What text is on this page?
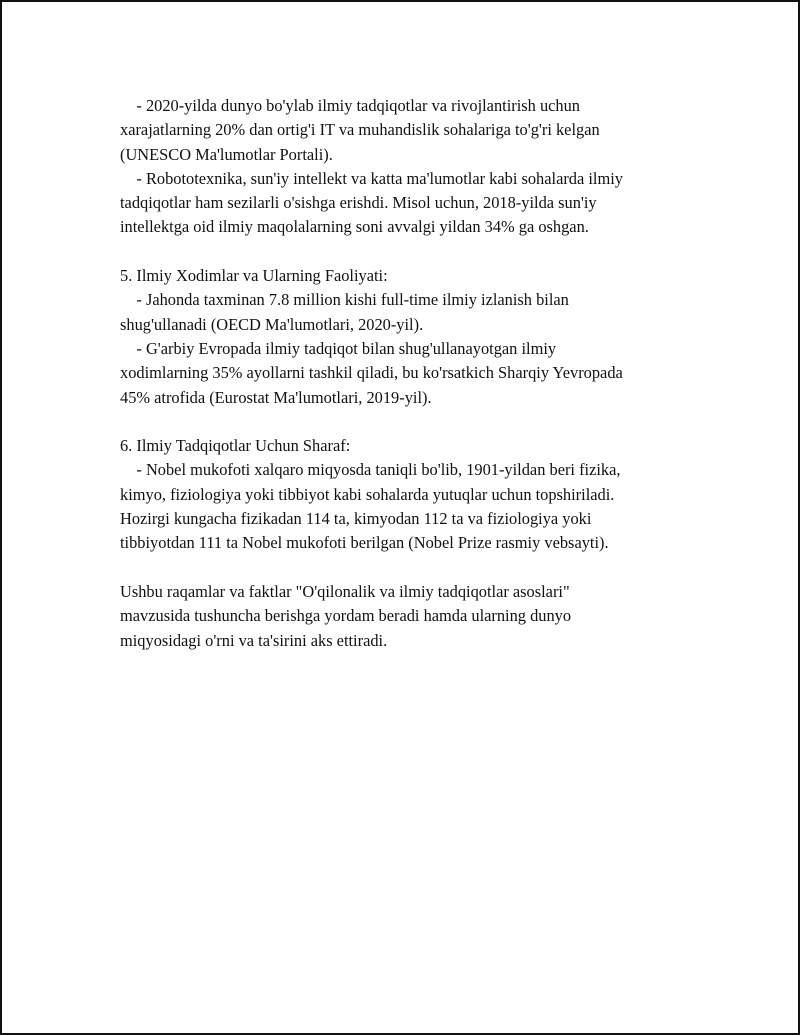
- 2020-yilda dunyo bo'ylab ilmiy tadqiqotlar va rivojlantirish uchun
xarajatlarning 20% dan ortig'i IT va muhandislik sohalariga to'g'ri kelgan
(UNESCO Ma'lumotlar Portali).
- Robototexnika, sun'iy intellekt va katta ma'lumotlar kabi sohalarda ilmiy
tadqiqotlar ham sezilarli o'sishga erishdi. Misol uchun, 2018-yilda sun'iy
intellektga oid ilmiy maqolalarning soni avvalgi yildan 34% ga oshgan.
5. Ilmiy Xodimlar va Ularning Faoliyati:
- Jahonda taxminan 7.8 million kishi full-time ilmiy izlanish bilan
shug'ullanadi (OECD Ma'lumotlari, 2020-yil).
- G'arbiy Evropada ilmiy tadqiqot bilan shug'ullanayotgan ilmiy
xodimlarning 35% ayollarni tashkil qiladi, bu ko'rsatkich Sharqiy Yevropada
45% atrofida (Eurostat Ma'lumotlari, 2019-yil).
6. Ilmiy Tadqiqotlar Uchun Sharaf:
- Nobel mukofoti xalqaro miqyosda taniqli bo'lib, 1901-yildan beri fizika,
kimyo, fiziologiya yoki tibbiyot kabi sohalarda yutuqlar uchun topshiriladi.
Hozirgi kungacha fizikadan 114 ta, kimyodan 112 ta va fiziologiya yoki
tibbiyotdan 111 ta Nobel mukofoti berilgan (Nobel Prize rasmiy vebsayti).
Ushbu raqamlar va faktlar "O'qilonalik va ilmiy tadqiqotlar asoslari"
mavzusida tushuncha berishga yordam beradi hamda ularning dunyo
miqyosidagi o'rni va ta'sirini aks ettiradi.
